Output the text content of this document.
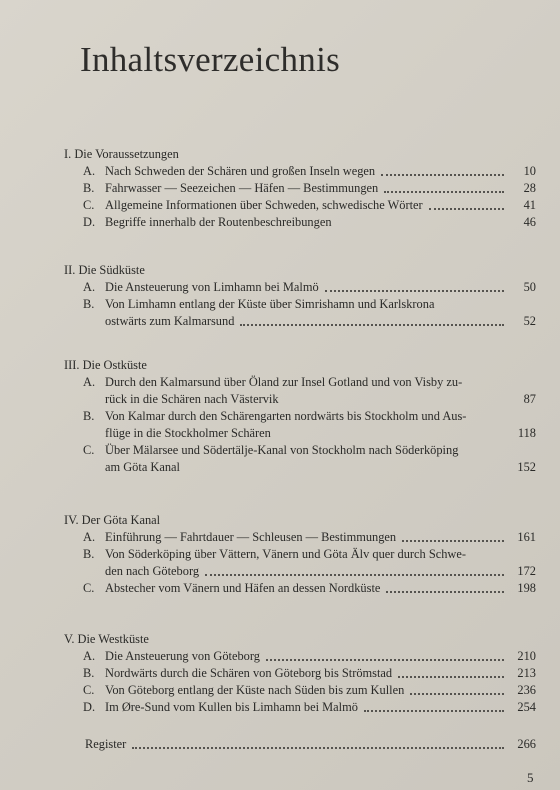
Inhaltsverzeichnis
I. Die Voraussetzungen
A. Nach Schweden der Schären und großen Inseln wegen	10
B. Fahrwasser — Seezeichen — Häfen — Bestimmungen	28
C. Allgemeine Informationen über Schweden, schwedische Wörter	41
D. Begriffe innerhalb der Routenbeschreibungen	46
II. Die Südküste
A. Die Ansteuerung von Limhamn bei Malmö	50
B. Von Limhamn entlang der Küste über Simrishamn und Karlskrona
ostwärts zum Kalmarsund	52
III. Die Ostküste
A. Durch den Kalmarsund über Öland zur Insel Gotland und von Visby zu-
rück in die Schären nach Västervik	87
B. Von Kalmar durch den Schärengarten nordwärts bis Stockholm und Aus-
flüge in die Stockholmer Schären	118
C. Über Mälarsee und Södertälje-Kanal von Stockholm nach Söderköping
am Göta Kanal	152
IV. Der Göta Kanal
A. Einführung — Fahrtdauer — Schleusen — Bestimmungen	161
B. Von Söderköping über Vättern, Vänern und Göta Älv quer durch Schwe-
den nach Göteborg	172
C. Abstecher vom Vänern und Häfen an dessen Nordküste	198
V. Die Westküste
A. Die Ansteuerung von Göteborg	210
B. Nordwärts durch die Schären von Göteborg bis Strömstad	213
C. Von Göteborg entlang der Küste nach Süden bis zum Kullen	236
D. Im Øre-Sund vom Kullen bis Limhamn bei Malmö	254
Register	266
5
